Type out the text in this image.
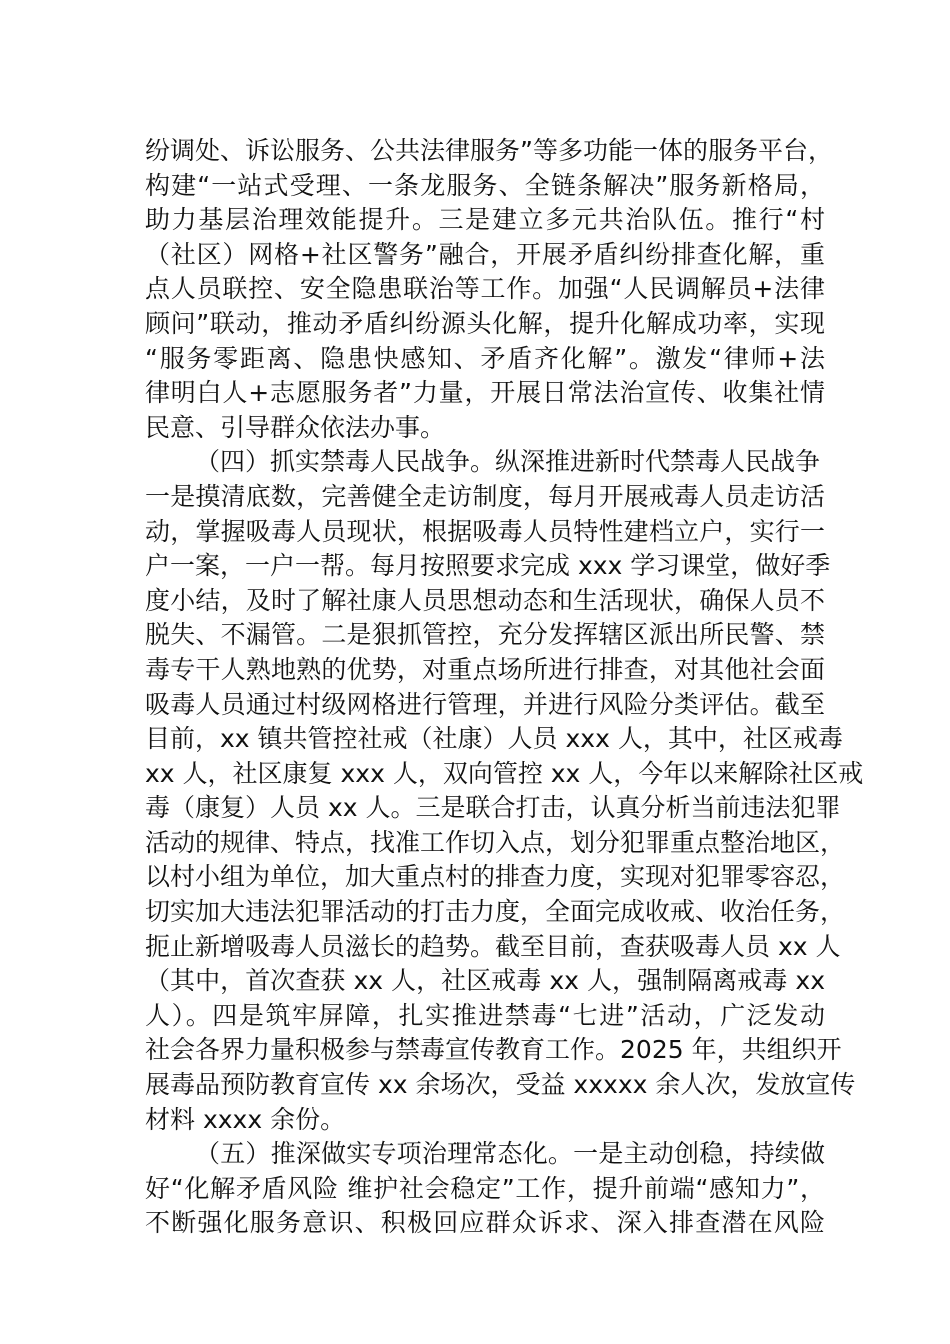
纷调处、诉讼服务、公共法律服务”等多功能一体的服务平台，
构建“一站式受理、一条龙服务、全链条解决”服务新格局，
助力基层治理效能提升。三是建立多元共治队伍。推行“村
（社区）网格+社区警务”融合，开展矛盾纠纷排查化解，重
点人员联控、安全隐患联治等工作。加强“人民调解员+法律
顾问”联动，推动矛盾纠纷源头化解，提升化解成功率，实现
“服务零距离、隐患快感知、矛盾齐化解”。激发“律师+法
律明白人+志愿服务者”力量，开展日常法治宣传、收集社情
民意、引导群众依法办事。
（四）抓实禁毒人民战争。纵深推进新时代禁毒人民战争
一是摸清底数，完善健全走访制度，每月开展戒毒人员走访活
动，掌握吸毒人员现状，根据吸毒人员特性建档立户，实行一
户一案，一户一帮。每月按照要求完成 xxx 学习课堂，做好季
度小结，及时了解社康人员思想动态和生活现状，确保人员不
脱失、不漏管。二是狠抓管控，充分发挥辖区派出所民警、禁
毒专干人熟地熟的优势，对重点场所进行排查，对其他社会面
吸毒人员通过村级网格进行管理，并进行风险分类评估。截至
目前，xx 镇共管控社戒（社康）人员 xxx 人，其中，社区戒毒
xx 人，社区康复 xxx 人，双向管控 xx 人，今年以来解除社区戒
毒（康复）人员 xx 人。三是联合打击，认真分析当前违法犯罪
活动的规律、特点，找准工作切入点，划分犯罪重点整治地区，
以村小组为单位，加大重点村的排查力度，实现对犯罪零容忍，
切实加大违法犯罪活动的打击力度，全面完成收戒、收治任务，
扼止新增吸毒人员滋长的趋势。截至目前，查获吸毒人员 xx 人
（其中，首次查获 xx 人，社区戒毒 xx 人，强制隔离戒毒 xx
人）。四是筑牢屏障，扎实推进禁毒“七进”活动，广泛发动
社会各界力量积极参与禁毒宣传教育工作。2025 年，共组织开
展毒品预防教育宣传 xx 余场次，受益 xxxxx 余人次，发放宣传
材料 xxxx 余份。
（五）推深做实专项治理常态化。一是主动创稳，持续做
好“化解矛盾风险 维护社会稳定”工作，提升前端“感知力”，
不断强化服务意识、积极回应群众诉求、深入排查潜在风险
